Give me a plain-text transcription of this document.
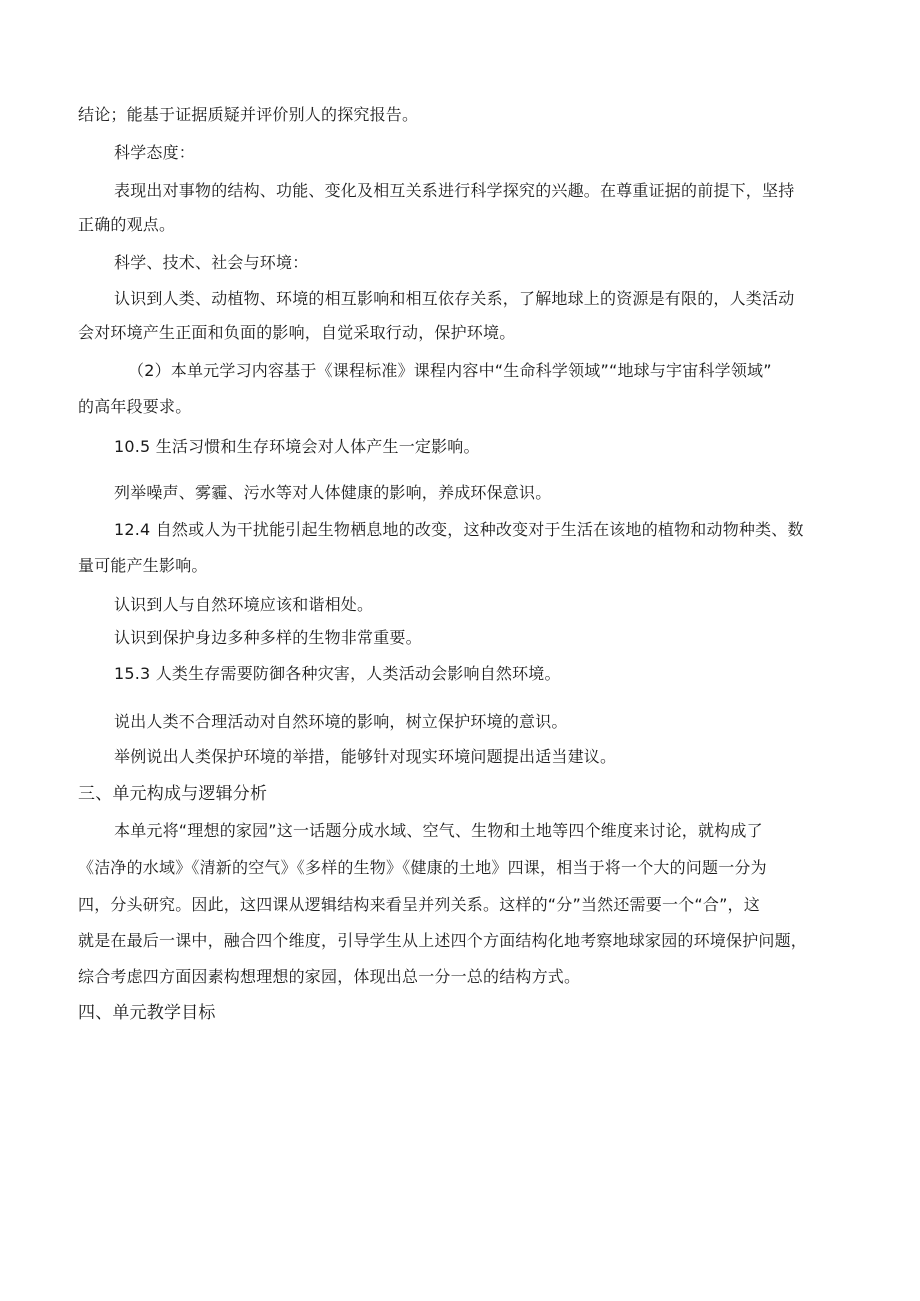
结论；能基于证据质疑并评价别人的探究报告。
科学态度：
表现出对事物的结构、功能、变化及相互关系进行科学探究的兴趣。在尊重证据的前提下，坚持
正确的观点。
科学、技术、社会与环境：
认识到人类、动植物、环境的相互影响和相互依存关系，了解地球上的资源是有限的，人类活动
会对环境产生正面和负面的影响，自觉采取行动，保护环境。
（2）本单元学习内容基于《课程标准》课程内容中“生命科学领域”“地球与宇宙科学领域”
的高年段要求。
10.5 生活习惯和生存环境会对人体产生一定影响。
列举噪声、雾霾、污水等对人体健康的影响，养成环保意识。
12.4 自然或人为干扰能引起生物栖息地的改变，这种改变对于生活在该地的植物和动物种类、数
量可能产生影响。
认识到人与自然环境应该和谐相处。
认识到保护身边多种多样的生物非常重要。
15.3 人类生存需要防御各种灾害，人类活动会影响自然环境。
说出人类不合理活动对自然环境的影响，树立保护环境的意识。
举例说出人类保护环境的举措，能够针对现实环境问题提出适当建议。
三、单元构成与逻辑分析
本单元将“理想的家园”这一话题分成水域、空气、生物和土地等四个维度来讨论，就构成了
《洁净的水域》《清新的空气》《多样的生物》《健康的土地》四课，相当于将一个大的问题一分为
四，分头研究。因此，这四课从逻辑结构来看呈并列关系。这样的“分”当然还需要一个“合”，这
就是在最后一课中，融合四个维度，引导学生从上述四个方面结构化地考察地球家园的环境保护问题，
综合考虑四方面因素构想理想的家园，体现出总一分一总的结构方式。
四、单元教学目标
